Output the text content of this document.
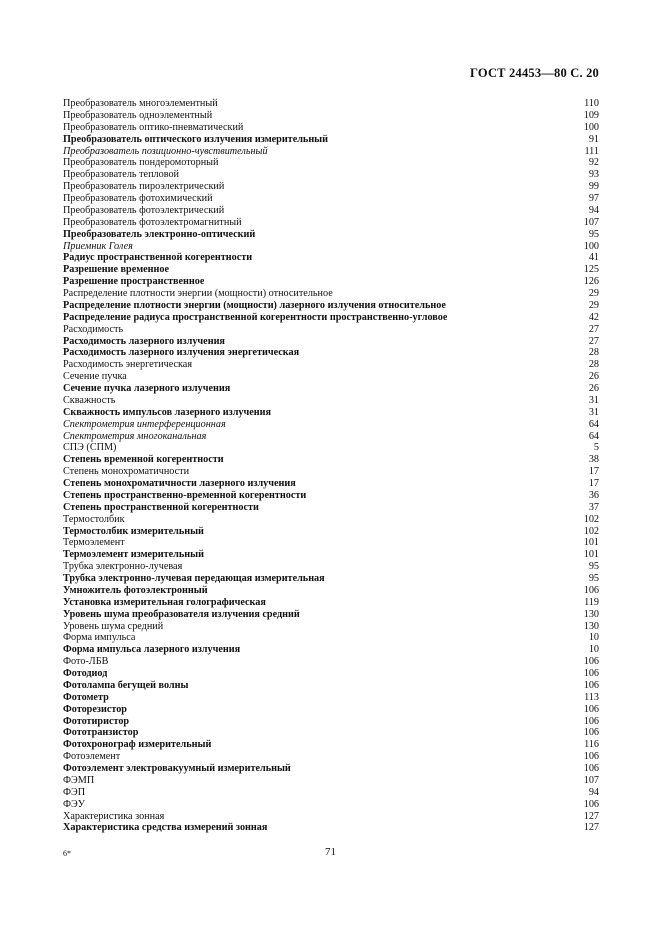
ГОСТ 24453—80 С. 20
Преобразователь многоэлементный	110
Преобразователь одноэлементный	109
Преобразователь оптико-пневматический	100
Преобразователь оптического излучения измерительный	91
Преобразователь позиционно-чувствительный	111
Преобразователь пондеромоторный	92
Преобразователь тепловой	93
Преобразователь пироэлектрический	99
Преобразователь фотохимический	97
Преобразователь фотоэлектрический	94
Преобразователь фотоэлектромагнитный	107
Преобразователь электронно-оптический	95
Приемник Голея	100
Радиус пространственной когерентности	41
Разрешение временное	125
Разрешение пространственное	126
Распределение плотности энергии (мощности) относительное	29
Распределение плотности энергии (мощности) лазерного излучения относительное	29
Распределение радиуса пространственной когерентности пространственно-угловое	42
Расходимость	27
Расходимость лазерного излучения	27
Расходимость лазерного излучения энергетическая	28
Расходимость энергетическая	28
Сечение пучка	26
Сечение пучка лазерного излучения	26
Скважность	31
Скважность импульсов лазерного излучения	31
Спектрометрия интерференционная	64
Спектрометрия многоканальная	64
СПЭ (СПМ)	5
Степень временной когерентности	38
Степень монохроматичности	17
Степень монохроматичности лазерного излучения	17
Степень пространственно-временной когерентности	36
Степень пространственной когерентности	37
Термостолбик	102
Термостолбик измерительный	102
Термоэлемент	101
Термоэлемент измерительный	101
Трубка электронно-лучевая	95
Трубка электронно-лучевая передающая измерительная	95
Умножитель фотоэлектронный	106
Установка измерительная голографическая	119
Уровень шума преобразователя излучения средний	130
Уровень шума средний	130
Форма импульса	10
Форма импульса лазерного излучения	10
Фото-ЛБВ	106
Фотодиод	106
Фотолампа бегущей волны	106
Фотометр	113
Фоторезистор	106
Фототиристор	106
Фототранзистор	106
Фотохронограф измерительный	116
Фотоэлемент	106
Фотоэлемент электровакуумный измерительный	106
ФЭМП	107
ФЭП	94
ФЭУ	106
Характеристика зонная	127
Характеристика средства измерений зонная	127
6*	71
